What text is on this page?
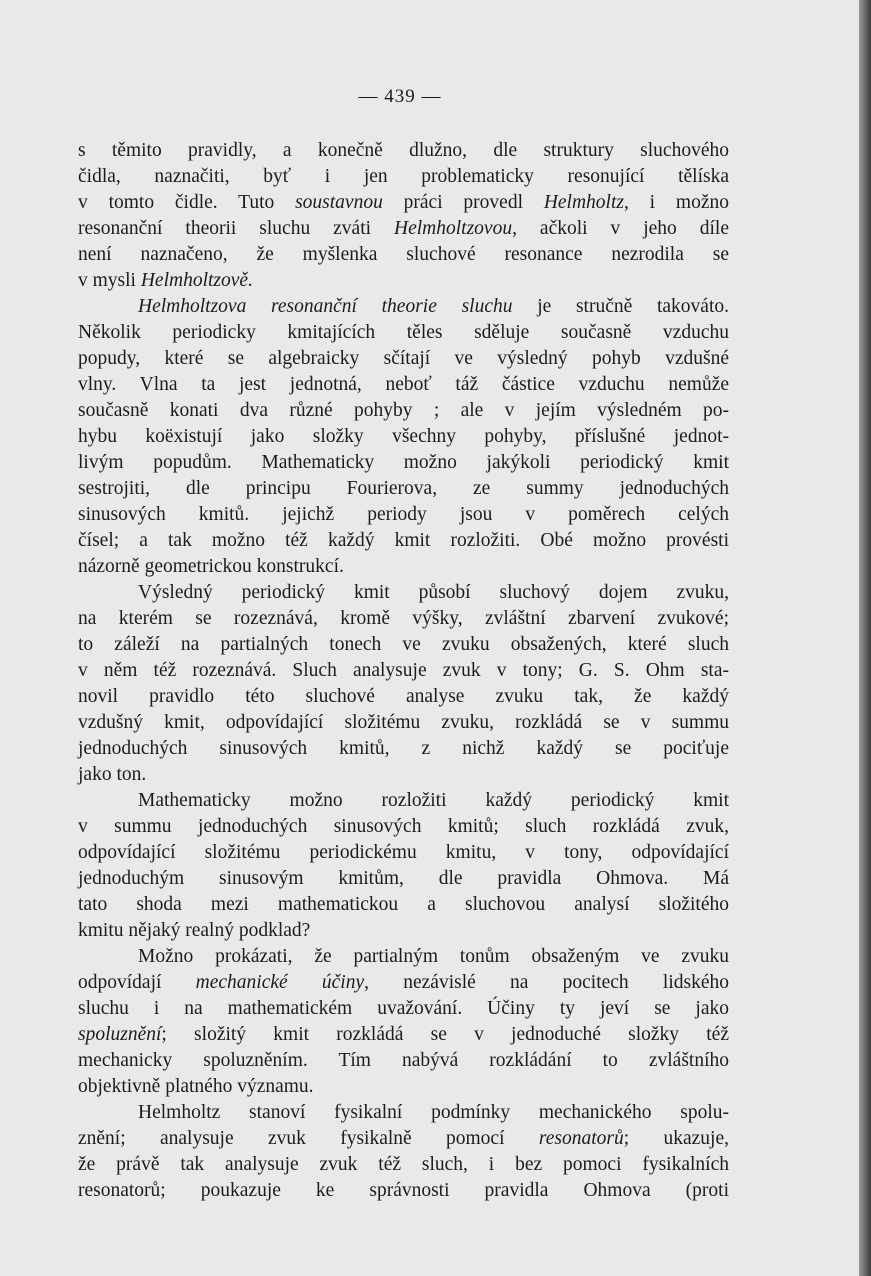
— 439 —
s těmito pravidly, a konečně dlužno, dle struktury sluchového
čidla, naznačiti, byť i jen problematicky resonující tělíska
v tomto čidle. Tuto soustavnou práci provedl Helmholtz, i možno
resonanční theorii sluchu zváti Helmholtzovou, ačkoli v jeho díle
není naznačeno, že myšlenka sluchové resonance nezrodila se
v mysli Helmholtzově.
Helmholtzova resonanční theorie sluchu je stručně takováto.
Několik periodicky kmitajících těles sděluje současně vzduchu
popudy, které se algebraicky sčítají ve výsledný pohyb vzdušné
vlny. Vlna ta jest jednotná, neboť táž částice vzduchu nemůže
současně konati dva různé pohyby ; ale v jejím výsledném po-
hybu koëxistují jako složky všechny pohyby, příslušné jednot-
livým popudům. Mathematicky možno jakýkoli periodický kmit
sestrojiti, dle principu Fourierova, ze summy jednoduchých
sinusových kmitů. jejichž periody jsou v poměrech celých
čísel; a tak možno též každý kmit rozložiti. Obé možno provésti
názorně geometrickou konstrukcí.
Výsledný periodický kmit působí sluchový dojem zvuku,
na kterém se rozeznává, kromě výšky, zvláštní zbarvení zvukové;
to záleží na partialných tonech ve zvuku obsažených, které sluch
v něm též rozeznává. Sluch analysuje zvuk v tony; G. S. Ohm sta-
novil pravidlo této sluchové analyse zvuku tak, že každý
vzdušný kmit, odpovídající složitému zvuku, rozkládá se v summu
jednoduchých sinusových kmitů, z nichž každý se pociťuje
jako ton.
Mathematicky možno rozložiti každý periodický kmit
v summu jednoduchých sinusových kmitů; sluch rozkládá zvuk,
odpovídající složitému periodickému kmitu, v tony, odpovídající
jednoduchým sinusovým kmitům, dle pravidla Ohmova. Má
tato shoda mezi mathematickou a sluchovou analysí složitého
kmitu nějaký realný podklad?
Možno prokázati, že partialným tonům obsaženým ve zvuku
odpovídají mechanické účiny, nezávislé na pocitech lidského
sluchu i na mathematickém uvažování. Účiny ty jeví se jako
spoluznění; složitý kmit rozkládá se v jednoduché složky též
mechanicky spoluzněním. Tím nabývá rozkládání to zvláštního
objektivně platného významu.
Helmholtz stanoví fysikalní podmínky mechanického spolu-
znění; analysuje zvuk fysikalně pomocí resonatorů; ukazuje,
že právě tak analysuje zvuk též sluch, i bez pomoci fysikalních
resonatorů; poukazuje ke správnosti pravidla Ohmova (proti
